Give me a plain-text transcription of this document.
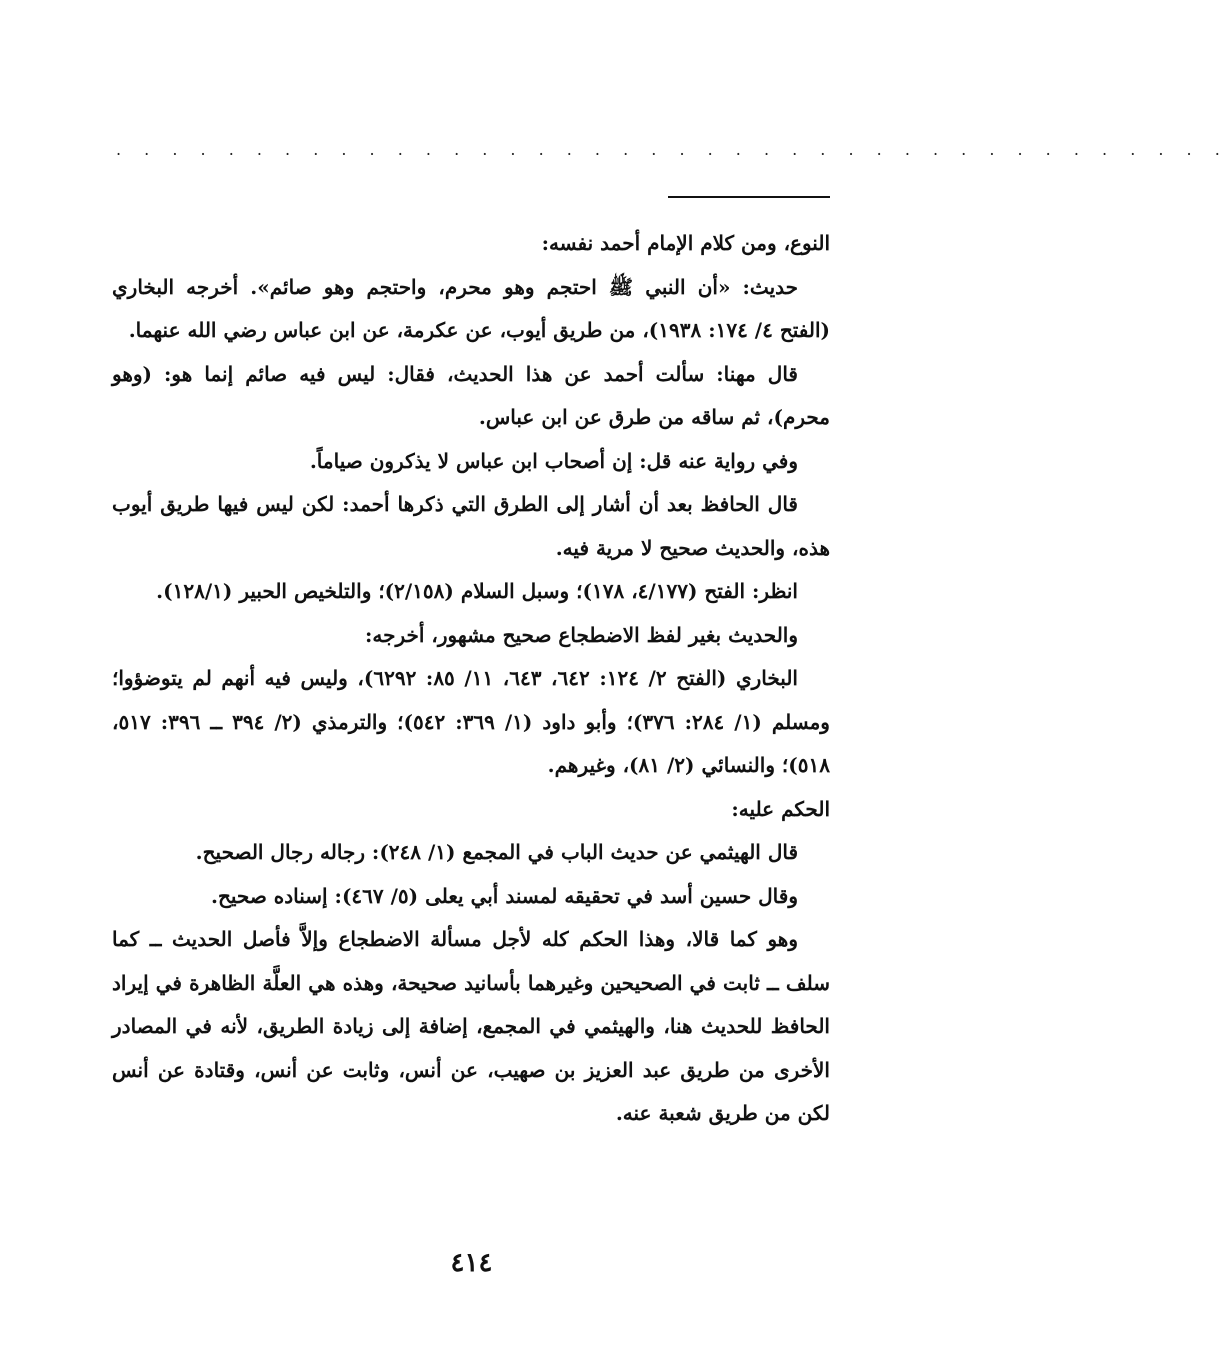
. . . . . . . . . . . . . . . . . . . . . . . . . . . . . . . . . . . . . . . .

النوع، ومن كلام الإمام أحمد نفسه:

حديث: «أن النبي ﷺ احتجم وهو محرم، واحتجم وهو صائم». أخرجه البخاري (الفتح ٤/ ١٧٤: ١٩٣٨)، من طريق أيوب، عن عكرمة، عن ابن عباس رضي الله عنهما.

قال مهنا: سألت أحمد عن هذا الحديث، فقال: ليس فيه صائم إنما هو: (وهو محرم)، ثم ساقه من طرق عن ابن عباس.

وفي رواية عنه قل: إن أصحاب ابن عباس لا يذكرون صياماً.

قال الحافظ بعد أن أشار إلى الطرق التي ذكرها أحمد: لكن ليس فيها طريق أيوب هذه، والحديث صحيح لا مرية فيه.

انظر: الفتح (٤/١٧٧، ١٧٨)؛ وسبل السلام (٢/١٥٨)؛ والتلخيص الحبير (١٢٨/١).

والحديث بغير لفظ الاضطجاع صحيح مشهور، أخرجه:

البخاري (الفتح ٢/ ١٢٤: ٦٤٢، ٦٤٣، ١١/ ٨٥: ٦٢٩٢)، وليس فيه أنهم لم يتوضؤوا؛ ومسلم (١/ ٢٨٤: ٣٧٦)؛ وأبو داود (١/ ٣٦٩: ٥٤٢)؛ والترمذي (٢/ ٣٩٤ ــ ٣٩٦: ٥١٧، ٥١٨)؛ والنسائي (٢/ ٨١)، وغيرهم.

الحكم عليه:

قال الهيثمي عن حديث الباب في المجمع (١/ ٢٤٨): رجاله رجال الصحيح.

وقال حسين أسد في تحقيقه لمسند أبي يعلى (٥/ ٤٦٧): إسناده صحيح.

وهو كما قالا، وهذا الحكم كله لأجل مسألة الاضطجاع وإلاَّ فأصل الحديث ــ كما سلف ــ ثابت في الصحيحين وغيرهما بأسانيد صحيحة، وهذه هي العلَّة الظاهرة في إيراد الحافظ للحديث هنا، والهيثمي في المجمع، إضافة إلى زيادة الطريق، لأنه في المصادر الأخرى من طريق عبد العزيز بن صهيب، عن أنس، وثابت عن أنس، وقتادة عن أنس لكن من طريق شعبة عنه.

٤١٤
